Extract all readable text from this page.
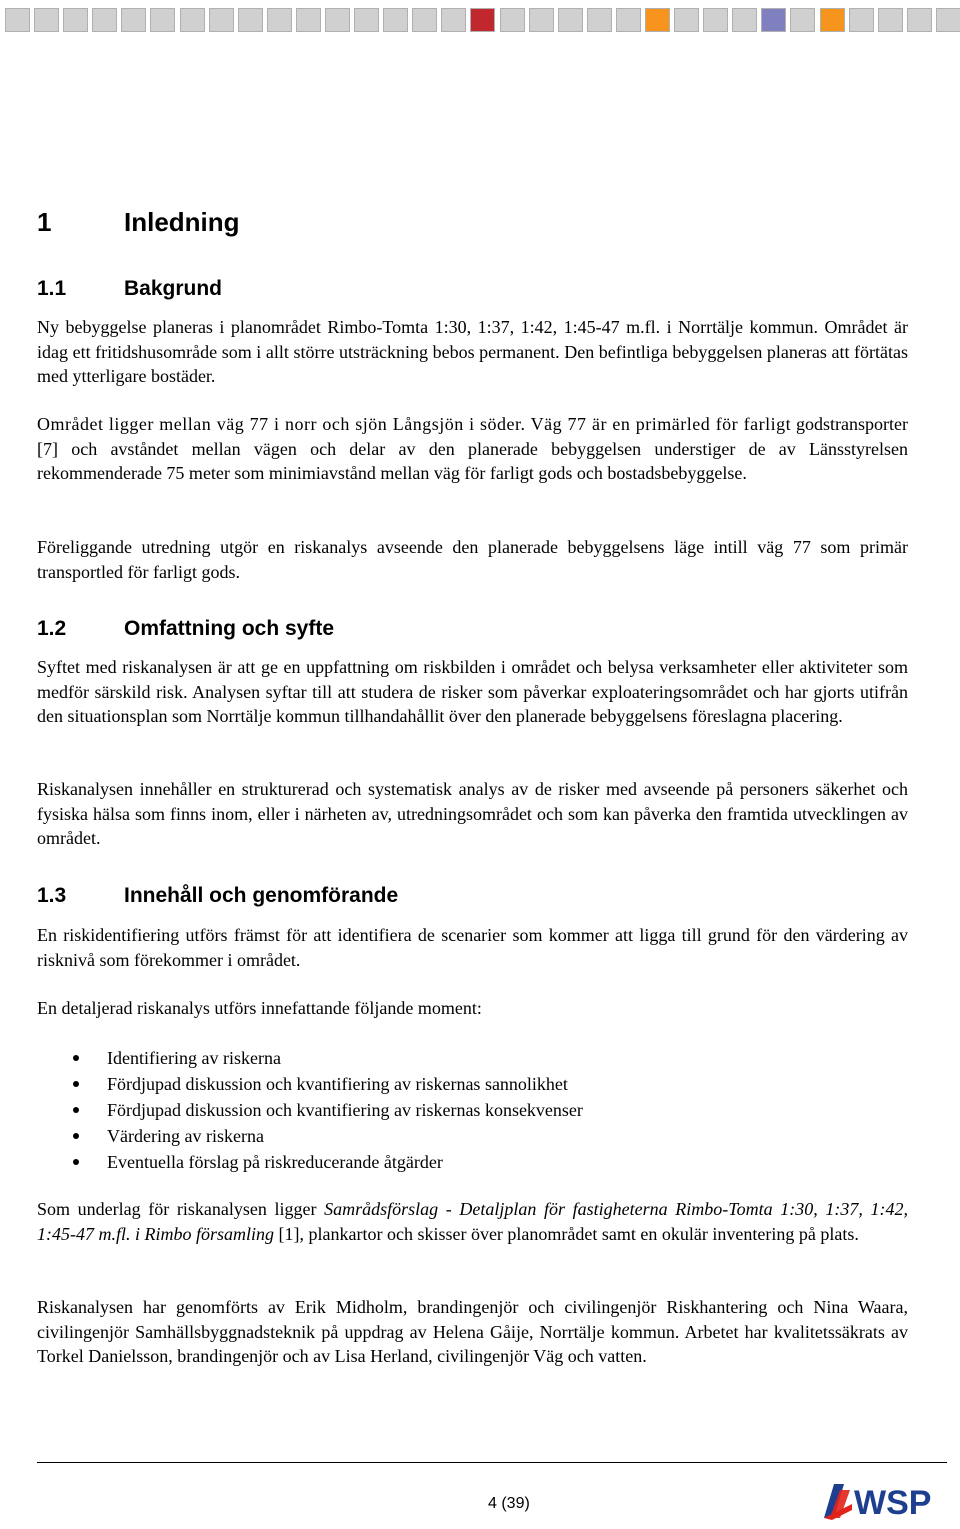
1	Inledning
1.1	Bakgrund

Ny bebyggelse planeras i planområdet Rimbo-Tomta 1:30, 1:37, 1:42, 1:45-47 m.fl. i Norrtälje kommun. Området är idag ett fritidshusområde som i allt större utsträckning bebos permanent. Den befintliga bebyggelsen planeras att förtätas med ytterligare bostäder.

Området ligger mellan väg 77 i norr och sjön Långsjön i söder. Väg 77 är en primärled för farligt godstransporter [7] och avståndet mellan vägen och delar av den planerade bebyggelsen understiger de av Länsstyrelsen rekommenderade 75 meter som minimiavstånd mellan väg för farligt gods och bostadsbebyggelse.

Föreliggande utredning utgör en riskanalys avseende den planerade bebyggelsens läge intill väg 77 som primär transportled för farligt gods.

1.2	Omfattning och syfte

Syftet med riskanalysen är att ge en uppfattning om riskbilden i området och belysa verksamheter eller aktiviteter som medför särskild risk. Analysen syftar till att studera de risker som påverkar exploateringsområdet och har gjorts utifrån den situationsplan som Norrtälje kommun tillhandahållit över den planerade bebyggelsens föreslagna placering.

Riskanalysen innehåller en strukturerad och systematisk analys av de risker med avseende på personers säkerhet och fysiska hälsa som finns inom, eller i närheten av, utredningsområdet och som kan påverka den framtida utvecklingen av området.

1.3	Innehåll och genomförande

En riskidentifiering utförs främst för att identifiera de scenarier som kommer att ligga till grund för den värdering av risknivå som förekommer i området.

En detaljerad riskanalys utförs innefattande följande moment:

Identifiering av riskerna
Fördjupad diskussion och kvantifiering av riskernas sannolikhet
Fördjupad diskussion och kvantifiering av riskernas konsekvenser
Värdering av riskerna
Eventuella förslag på riskreducerande åtgärder

Som underlag för riskanalysen ligger Samrådsförslag - Detaljplan för fastigheterna Rimbo-Tomta 1:30, 1:37, 1:42, 1:45-47 m.fl. i Rimbo församling [1], plankartor och skisser över planområdet samt en okulär inventering på plats.

Riskanalysen har genomförts av Erik Midholm, brandingenjör och civilingenjör Riskhantering och Nina Waara, civilingenjör Samhällsbyggnadsteknik på uppdrag av Helena Gåije, Norrtälje kommun. Arbetet har kvalitetssäkrats av Torkel Danielsson, brandingenjör och av Lisa Herland, civilingenjör Väg och vatten.

4 (39)	WSP
